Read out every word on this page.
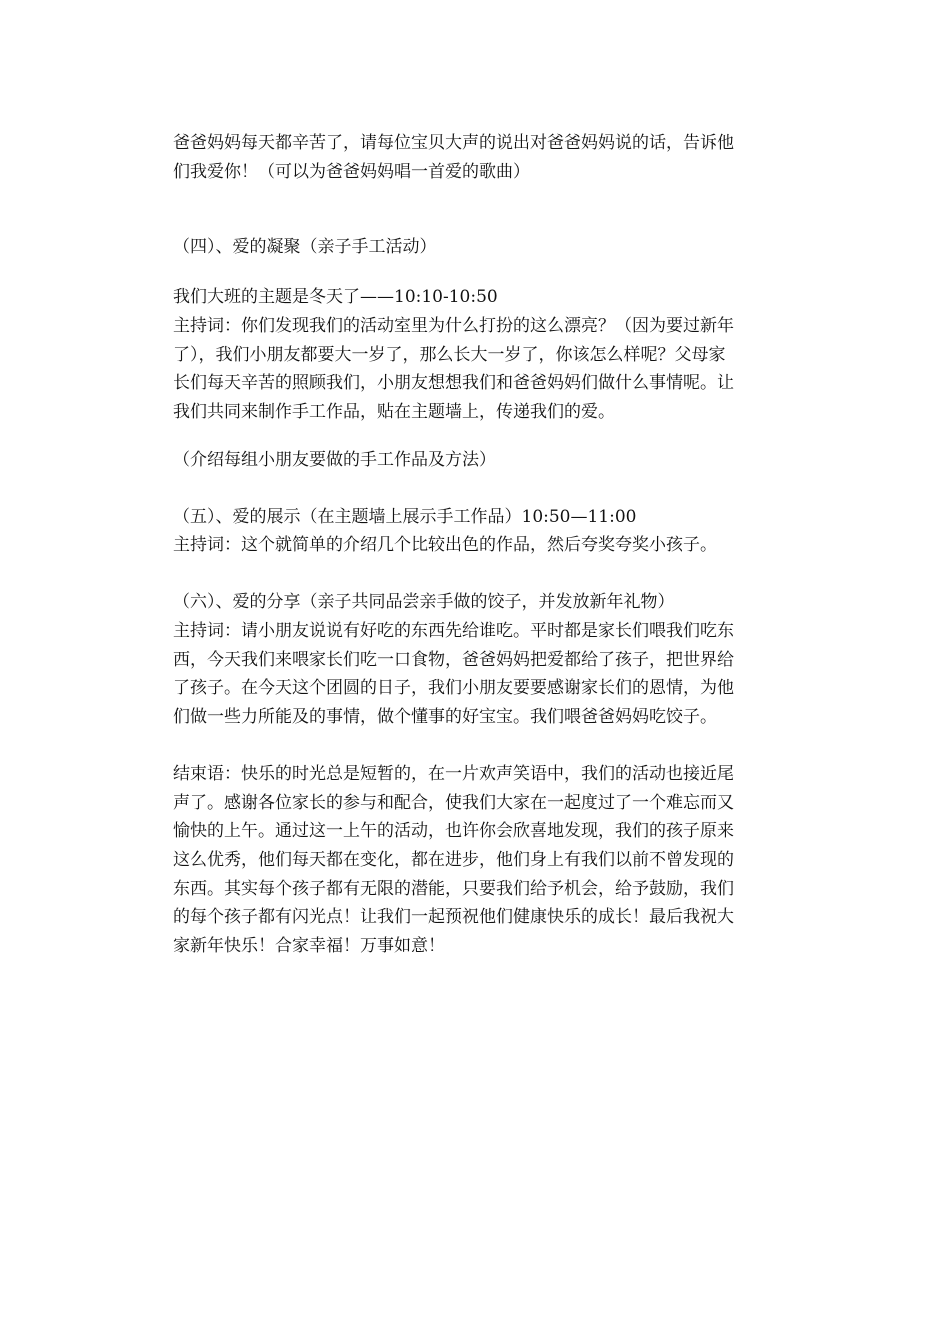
爸爸妈妈每天都辛苦了，请每位宝贝大声的说出对爸爸妈妈说的话，告诉他

们我爱你！（可以为爸爸妈妈唱一首爱的歌曲）

（四）、爱的凝聚（亲子手工活动）

我们大班的主题是冬天了——10:10-10:50

主持词：你们发现我们的活动室里为什么打扮的这么漂亮？（因为要过新年

了），我们小朋友都要大一岁了，那么长大一岁了，你该怎么样呢？父母家

长们每天辛苦的照顾我们，小朋友想想我们和爸爸妈妈们做什么事情呢。让

我们共同来制作手工作品，贴在主题墙上，传递我们的爱。

（介绍每组小朋友要做的手工作品及方法）

（五）、爱的展示（在主题墙上展示手工作品）10:50—11:00

主持词：这个就简单的介绍几个比较出色的作品，然后夸奖夸奖小孩子。

（六）、爱的分享（亲子共同品尝亲手做的饺子，并发放新年礼物）

主持词：请小朋友说说有好吃的东西先给谁吃。平时都是家长们喂我们吃东

西，今天我们来喂家长们吃一口食物，爸爸妈妈把爱都给了孩子，把世界给

了孩子。在今天这个团圆的日子，我们小朋友要要感谢家长们的恩情，为他

们做一些力所能及的事情，做个懂事的好宝宝。我们喂爸爸妈妈吃饺子。

结束语：快乐的时光总是短暂的，在一片欢声笑语中，我们的活动也接近尾

声了。感谢各位家长的参与和配合，使我们大家在一起度过了一个难忘而又

愉快的上午。通过这一上午的活动，也许你会欣喜地发现，我们的孩子原来

这么优秀，他们每天都在变化，都在进步，他们身上有我们以前不曾发现的

东西。其实每个孩子都有无限的潜能，只要我们给予机会，给予鼓励，我们

的每个孩子都有闪光点！让我们一起预祝他们健康快乐的成长！最后我祝大

家新年快乐！合家幸福！万事如意！
